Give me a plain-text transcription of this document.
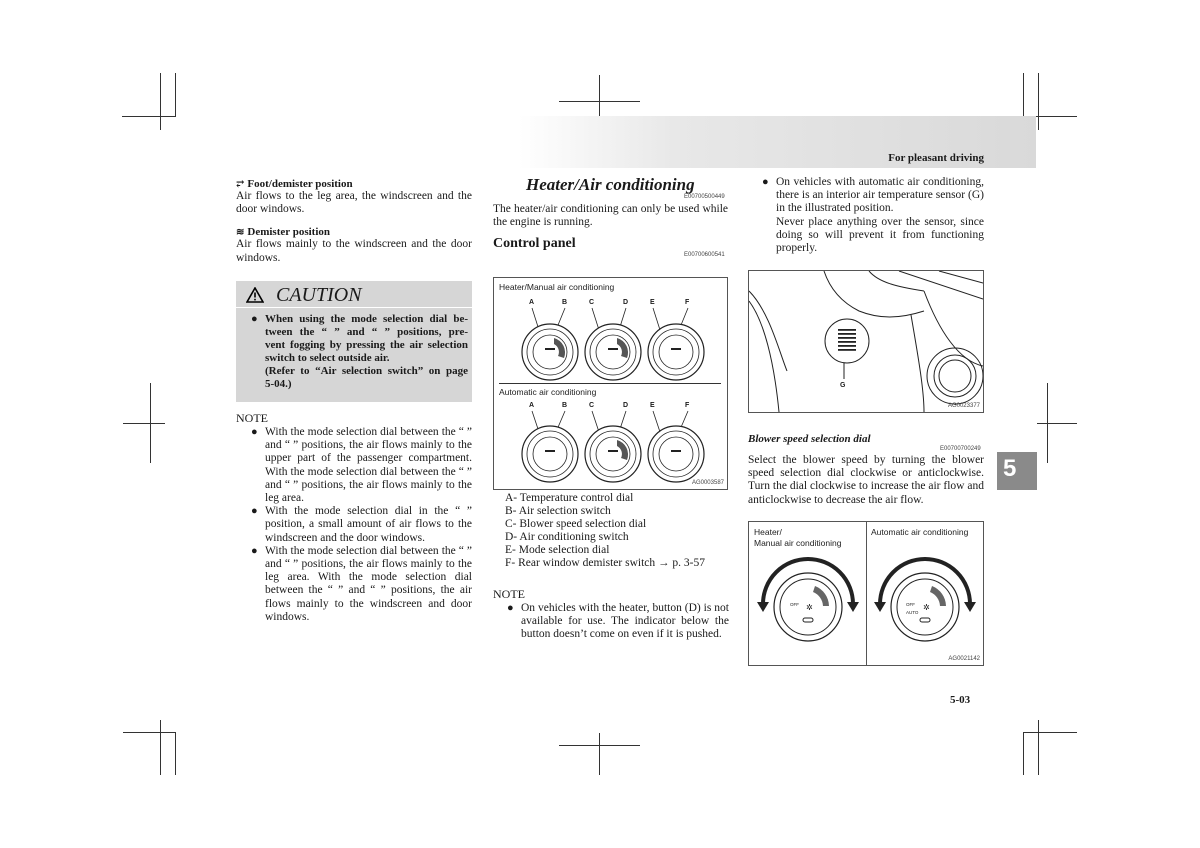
For pleasant driving
5
⥂ Foot/demister position
Air flows to the leg area, the windscreen and the door windows.
≋ Demister position
Air flows mainly to the windscreen and the door windows.
CAUTION
● When using the mode selection dial be-
tween the “ ” and “ ” positions, pre-
vent fogging by pressing the air selection
switch to select outside air.
(Refer to “Air selection switch” on page
5-04.)
NOTE
● With the mode selection dial between the “ ” and “ ” positions, the air flows mainly to the upper part of the passenger compartment. With the mode selection dial between the “ ” and “ ” positions, the air flows mainly to the leg area.
● With the mode selection dial in the “ ” position, a small amount of air flows to the windscreen and the door windows.
● With the mode selection dial between the “ ” and “ ” positions, the air flows mainly to the leg area. With the mode selection dial between the “ ” and “ ” positions, the air flows mainly to the windscreen and door windows.
Heater/Air conditioning
E00700500449
The heater/air conditioning can only be used while the engine is running.
Control panel
E00700600541
Heater/Manual air conditioning
Automatic air conditioning
AG0003587
A	B	C	D	E	F
A	B	C	D	E	F
A- Temperature control dial
B- Air selection switch
C- Blower speed selection dial
D- Air conditioning switch
E- Mode selection dial
F- Rear window demister switch → p. 3-57
NOTE
● On vehicles with the heater, button (D) is not available for use. The indicator below the button doesn’t come on even if it is pushed.
● On vehicles with automatic air conditioning, there is an interior air temperature sensor (G) in the illustrated position.
Never place anything over the sensor, since doing so will prevent it from functioning properly.
G
AG0023377
Blower speed selection dial
E00700700249
Select the blower speed by turning the blower speed selection dial clockwise or anticlockwise. Turn the dial clockwise to increase the air flow and anticlockwise to decrease the air flow.
Heater/
Manual air conditioning
Automatic air conditioning
✲	✲
OFF	OFF
AUTO
AG0021142
5-03
